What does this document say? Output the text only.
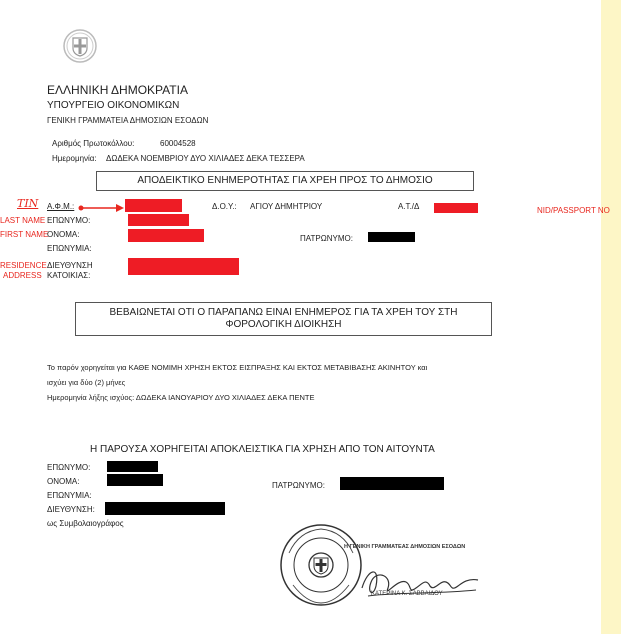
ΕΛΛΗΝΙΚΗ ΔΗΜΟΚΡΑΤΙΑ
ΥΠΟΥΡΓΕΙΟ ΟΙΚΟΝΟΜΙΚΩΝ
ΓΕΝΙΚΗ ΓΡΑΜΜΑΤΕΙΑ ΔΗΜΟΣΙΩΝ ΕΣΟΔΩΝ
Αριθμός Πρωτοκόλλου:	60004528
Ημερομηνία: ΔΩΔΕΚΑ ΝΟΕΜΒΡΙΟΥ ΔΥΟ ΧΙΛΙΑΔΕΣ ΔΕΚΑ ΤΕΣΣΕΡΑ
ΑΠΟΔΕΙΚΤΙΚΟ ΕΝΗΜΕΡΟΤΗΤΑΣ ΓΙΑ ΧΡΕΗ ΠΡΟΣ ΤΟ ΔΗΜΟΣΙΟ
TIN
LAST NAME
FIRST NAME
RESIDENCE
ADDRESS
NID/PASSPORT NO
Α.Φ.Μ.:	Δ.Ο.Υ.: ΑΓΙΟΥ ΔΗΜΗΤΡΙΟΥ	Α.Τ./Δ
ΕΠΩΝΥΜΟ:
ΟΝΟΜΑ:	ΠΑΤΡΩΝΥΜΟ:
ΕΠΩΝΥΜΙΑ:
ΔΙΕΥΘΥΝΣΗ
ΚΑΤΟΙΚΙΑΣ:
ΒΕΒΑΙΩΝΕΤΑΙ ΟΤΙ Ο ΠΑΡΑΠΑΝΩ ΕΙΝΑΙ ΕΝΗΜΕΡΟΣ ΓΙΑ ΤΑ ΧΡΕΗ ΤΟΥ ΣΤΗ
ΦΟΡΟΛΟΓΙΚΗ ΔΙΟΙΚΗΣΗ
Το παρόν χορηγείται για ΚΑΘΕ ΝΟΜΙΜΗ ΧΡΗΣΗ ΕΚΤΟΣ ΕΙΣΠΡΑΞΗΣ ΚΑΙ ΕΚΤΟΣ ΜΕΤΑΒΙΒΑΣΗΣ ΑΚΙΝΗΤΟΥ και
ισχύει για δύο (2) μήνες
Ημερομηνία λήξης ισχύος: ΔΩΔΕΚΑ ΙΑΝΟΥΑΡΙΟΥ ΔΥΟ ΧΙΛΙΑΔΕΣ ΔΕΚΑ ΠΕΝΤΕ
Η ΠΑΡΟΥΣΑ ΧΟΡΗΓΕΙΤΑΙ ΑΠΟΚΛΕΙΣΤΙΚΑ ΓΙΑ ΧΡΗΣΗ ΑΠΟ ΤΟΝ ΑΙΤΟΥΝΤΑ
ΕΠΩΝΥΜΟ:
ΟΝΟΜΑ:	ΠΑΤΡΩΝΥΜΟ:
ΕΠΩΝΥΜΙΑ:
ΔΙΕΥΘΥΝΣΗ:
ως Συμβολαιογράφος
Η ΓΕΝΙΚΗ ΓΡΑΜΜΑΤΕΑΣ ΔΗΜΟΣΙΩΝ ΕΣΟΔΩΝ
ΚΑΤΕΡΙΝΑ Κ. ΣΑΒΒΑΙΔΟΥ
